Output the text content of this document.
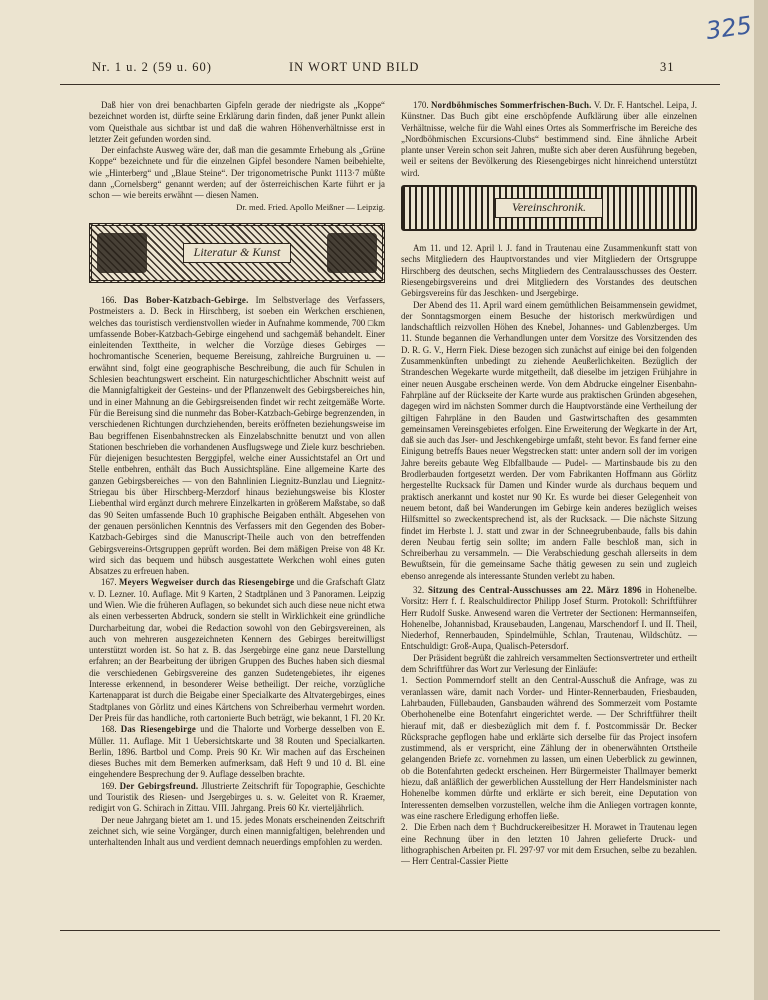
325
Nr. 1 u. 2 (59 u. 60)	IN WORT UND BILD	31

Daß hier von drei benachbarten Gipfeln gerade der niedrigste als „Koppe“ bezeichnet worden ist, dürfte seine Erklärung darin finden, daß jener Punkt allein vom Queisthale aus sichtbar ist und daß die wahren Höhenverhältnisse erst in letzter Zeit gefunden worden sind.

Der einfachste Ausweg wäre der, daß man die gesammte Erhebung als „Grüne Koppe“ bezeichnete und für die einzelnen Gipfel besondere Namen beibehielte, wie „Hinterberg“ und „Blaue Steine“. Der trigonometrische Punkt 1113·7 müßte dann „Cornelsberg“ genannt werden; auf der österreichischen Karte führt er ja schon — wie bereits erwähnt — diesen Namen.

Dr. med. Fried. Apollo Meißner — Leipzig.
Literatur & Kunst

166. Das Bober-Katzbach-Gebirge. Im Selbstverlage des Verfassers, Postmeisters a. D. Beck in Hirschberg, ist soeben ein Werkchen erschienen, welches das touristisch verdienstvollen wieder in Aufnahme kommende, 700 □km umfassende Bober-Katzbach-Gebirge eingehend und sachgemäß behandelt. Einer einleitenden Texttheite, in welcher die Vorzüge dieses Gebirges — hochromantische Scenerien, bequeme Bereisung, zahlreiche Burgruinen u. — erwähnt sind, folgt eine geographische Beschreibung, die auch für Schulen in Schlesien beachtungswert erscheint. Ein naturgeschichtlicher Abschnitt weist auf die Mannigfaltigkeit der Gesteins- und der Pflanzenwelt des Gebirgsbereiches hin, und in einer Mahnung an die Gebirgsreisenden findet wir recht zeitgemäße Worte. Für die Bereisung sind die nunmehr das Bober-Katzbach-Gebirge begrenzenden, in verschiedenen Richtungen durchziehenden, bereits eröffneten beziehungsweise im Bau begriffenen Eisenbahnstrecken als Einzelabschnitte benutzt und von allen Stationen beschrieben die vorhandenen Ausflugswege und Ziele kurz beschrieben. Für diejenigen besuchtesten Berggipfel, welche einer Aussichtstafel an Ort und Stelle entbehren, enthält das Buch Aussichtspläne. Eine allgemeine Karte des ganzen Gebirgsbereiches — von den Bahnlinien Liegnitz-Bunzlau und Liegnitz-Striegau bis über Hirschberg-Merzdorf hinaus beziehungsweise bis Kloster Liebenthal wird ergänzt durch mehrere Einzelkarten in größerem Maßstabe, so daß das 90 Seiten umfassende Buch 10 graphische Beigaben enthält. Abgesehen von der genauen persönlichen Kenntnis des Verfassers mit den Gegenden des Bober-Katzbach-Gebirges sind die Manuscript-Theile auch von den betreffenden Gebirgsvereins-Ortsgruppen geprüft worden. Bei dem mäßigen Preise von 48 Kr. wird sich das bequem und hübsch ausgestattete Werkchen wohl eines guten Absatzes zu erfreuen haben.

167. Meyers Wegweiser durch das Riesengebirge und die Grafschaft Glatz v. D. Lezner. 10. Auflage. Mit 9 Karten, 2 Stadtplänen und 3 Panoramen. Leipzig und Wien. Wie die früheren Auflagen, so bekundet sich auch diese neue nicht etwa als einen verbesserten Abdruck, sondern sie stellt in Wirklichkeit eine gründliche Durcharbeitung dar, wobei die Redaction sowohl von den Gebirgsvereinen, als auch von mehreren ausgezeichneten Kennern des Gebirges bereitwilligst unterstützt worden ist. So hat z. B. das Jsergebirge eine ganz neue Darstellung erfahren; an der Bearbeitung der übrigen Gruppen des Buches haben sich diesmal die verschiedenen Gebirgsvereine des ganzen Sudetengebietes, ihr eigenes Interesse erkennend, in besonderer Weise betheiligt. Der reiche, vorzügliche Kartenapparat ist durch die Beigabe einer Specialkarte des Altvatergebirges, eines Stadtplanes von Görlitz und eines Kärtchens von Schreiberhau vermehrt worden. Der Preis für das handliche, roth cartonierte Buch beträgt, wie bekannt, 1 Fl. 20 Kr.

168. Das Riesengebirge und die Thalorte und Vorberge desselben von E. Müller. 11. Auflage. Mit 1 Uebersichtskarte und 38 Routen und Specialkarten. Berlin, 1896. Bartbol und Comp. Preis 90 Kr. Wir machen auf das Erscheinen dieses Buches mit dem Bemerken aufmerksam, daß Heft 9 und 10 d. Bl. eine eingehendere Besprechung der 9. Auflage desselben brachte.

169. Der Gebirgsfreund. Jllustrierte Zeitschrift für Topographie, Geschichte und Touristik des Riesen- und Jsergebirges u. s. w. Geleitet von R. Kraemer, redigirt von G. Schirach in Zittau. VIII. Jahrgang. Preis 60 Kr. vierteljährlich.

Der neue Jahrgang bietet am 1. und 15. jedes Monats erscheinenden Zeitschrift zeichnet sich, wie seine Vorgänger, durch einen mannigfaltigen, belehrenden und unterhaltenden Inhalt aus und verdient demnach neuerdings empfohlen zu werden.

170. Nordböhmisches Sommerfrischen-Buch. V. Dr. F. Hantschel. Leipa, J. Künstner. Das Buch gibt eine erschöpfende Aufklärung über alle einzelnen Verhältnisse, welche für die Wahl eines Ortes als Sommerfrische im Bereiche des „Nordböhmischen Excursions-Clubs“ bestimmend sind. Eine ähnliche Arbeit plante unser Verein schon seit Jahren, mußte sich aber deren Ausführung begeben, weil er seitens der Bevölkerung des Riesengebirges nicht hinreichend unterstützt wird.

Vereinschronik.

Am 11. und 12. April l. J. fand in Trautenau eine Zusammenkunft statt von sechs Mitgliedern des Hauptvorstandes und vier Mitgliedern der Ortsgruppe Hirschberg des deutschen, sechs Mitgliedern des Centralausschusses des Oesterr. Riesengebirgsvereins und drei Mitgliedern des Vorstandes des deutschen Gebirgsvereins für das Jeschken- und Jsergebirge.

Der Abend des 11. April ward einem gemüthlichen Beisammensein gewidmet, der Sonntagsmorgen einem Besuche der historisch merkwürdigen und landschaftlich reizvollen Höhen des Knebel, Johannes- und Gablenzberges. Um 11. Stunde begannen die Verhandlungen unter dem Vorsitze des Vorsitzenden des D. R. G. V., Herrn Fiek. Diese bezogen sich zunächst auf einige bei den folgenden Zusammenkünften unbedingt zu ziehende Aeußerlichkeiten. Bezüglich der Strandeschen Wegekarte wurde mitgetheilt, daß dieselbe im jetzigen Frühjahre in einer neuen Ausgabe erscheinen werde. Von dem Abdrucke eingelner Eisenbahn-Fahrpläne auf der Rückseite der Karte wurde aus praktischen Gründen abgesehen, dagegen wird im nächsten Sommer durch die Hauptvorstände eine Vertheilung der giltigen Fahrpläne in den Bauden und Gastwirtschaften des gesammten gemeinsamen Vereinsgebietes erfolgen. Eine Erweiterung der Wegkarte in der Art, daß sie auch das Jser- und Jeschkengebirge umfaßt, steht bevor. Es fand ferner eine Einigung betreffs Baues neuer Wegstrecken statt: unter andern soll der im vorigen Jahre bereits gebaute Weg Elbfallbaude — Pudel- — Martinsbaude bis zu den Brodlerbauden fortgesetzt werden. Der vom Fabrikanten Hoffmann aus Görlitz hergestellte Rucksack für Damen und Kinder wurde als durchaus bequem und praktisch anerkannt und kostet nur 90 Kr. Es wurde bei dieser Gelegenheit von neuem betont, daß bei Wanderungen im Gebirge kein anderes bezüglich weises Hilfsmittel so zweckentsprechend ist, als der Rucksack. — Die nächste Sitzung findet im Herbste l. J. statt und zwar in der Schneegrubenbaude, falls bis dahin deren Neubau fertig sein sollte; im andern Falle beschloß man, sich in Schreiberhau zu versammeln. — Die Verabschiedung geschah allerseits in dem Bewußtsein, für die gemeinsame Sache thätig gewesen zu sein und zugleich ebenso anregende als interessante Stunden verlebt zu haben.

32. Sitzung des Central-Ausschusses am 22. März 1896 in Hohenelbe. Vorsitz: Herr f. f. Realschuldirector Philipp Josef Sturm. Protokoll: Schriftführer Herr Rudolf Suske. Anwesend waren die Vertreter der Sectionen: Hermannseifen, Hohenelbe, Johannisbad, Krausebauden, Langenau, Marschendorf I. und II. Theil, Niederhof, Rennerbauden, Spindelmühle, Schlan, Trautenau, Wildschütz. — Entschuldigt: Groß-Aupa, Qualisch-Petersdorf.

Der Präsident begrüßt die zahlreich versammelten Sectionsvertreter und ertheilt dem Schriftführer das Wort zur Verlesung der Einläufe:

1. Section Pommerndorf stellt an den Central-Ausschuß die Anfrage, was zu veranlassen wäre, damit nach Vorder- und Hinter-Rennerbauden, Friesbauden, Lahrbauden, Füllebauden, Gansbauden während des Sommerzeit vom Postamte Oberhohenelbe eine Botenfahrt eingerichtet werde. — Der Schriftführer theilt hierauf mit, daß er diesbezüglich mit dem f. f. Postcommissär Dr. Becker Rücksprache gepflogen habe und erklärte sich derselbe für das Project insofern zustimmend, als er verspricht, eine Zählung der in obenerwähnten Ortstheile gelangenden Briefe zc. vornehmen zu lassen, um einen Ueberblick zu gewinnen, ob die Botenfahrten gedeckt erscheinen. Herr Bürgermeister Thallmayer bemerkt hiezu, daß anläßlich der gewerblichen Ausstellung der Herr Handelsminister nach Hohenelbe kommen dürfte und erklärte er sich bereit, eine Deputation von Interessenten demselben vorzustellen, welche ihm die Anliegen vortragen konnte, was eine raschere Erledigung erhoffen ließe.

2. Die Erben nach dem † Buchdruckereibesitzer H. Morawet in Trautenau legen eine Rechnung über in den letzten 10 Jahren gelieferte Druck- und lithographischen Arbeiten pr. Fl. 297·97 vor mit dem Ersuchen, selbe zu bezahlen. — Herr Central-Cassier Piette
